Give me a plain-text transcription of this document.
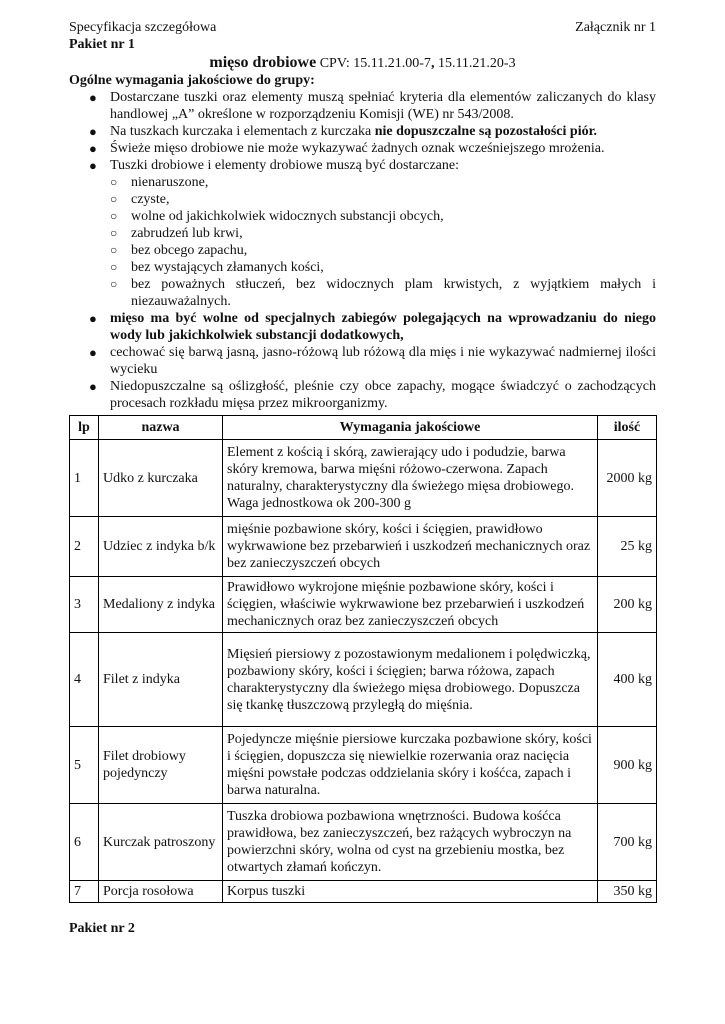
Specyfikacja szczegółowa	Załącznik nr 1
Pakiet nr 1
mięso drobiowe CPV: 15.11.21.00-7, 15.11.21.20-3
Ogólne wymagania jakościowe do grupy:
● Dostarczane tuszki oraz elementy muszą spełniać kryteria dla elementów zaliczanych do klasy handlowej „A” określone w rozporządzeniu Komisji (WE) nr 543/2008.
● Na tuszkach kurczaka i elementach z kurczaka nie dopuszczalne są pozostałości piór.
● Świeże mięso drobiowe nie może wykazywać żadnych oznak wcześniejszego mrożenia.
● Tuszki drobiowe i elementy drobiowe muszą być dostarczane:
○ nienaruszone,
○ czyste,
○ wolne od jakichkolwiek widocznych substancji obcych,
○ zabrudzeń lub krwi,
○ bez obcego zapachu,
○ bez wystających złamanych kości,
○ bez poważnych stłuczeń, bez widocznych plam krwistych, z wyjątkiem małych i niezauważalnych.
● mięso ma być wolne od specjalnych zabiegów polegających na wprowadzaniu do niego wody lub jakichkolwiek substancji dodatkowych,
● cechować się barwą jasną, jasno-różową lub różową dla mięs i nie wykazywać nadmiernej ilości wycieku
● Niedopuszczalne są oślizgłość, pleśnie czy obce zapachy, mogące świadczyć o zachodzących procesach rozkładu mięsa przez mikroorganizmy.
lp	nazwa	Wymagania jakościowe	ilość
1	Udko z kurczaka	Element z kością i skórą, zawierający udo i podudzie, barwa skóry kremowa, barwa mięśni różowo-czerwona. Zapach naturalny, charakterystyczny dla świeżego mięsa drobiowego. Waga jednostkowa ok 200-300 g	2000 kg
2	Udziec z indyka b/k	mięśnie pozbawione skóry, kości i ścięgien, prawidłowo wykrwawione bez przebarwień i uszkodzeń mechanicznych oraz bez zanieczyszczeń obcych	25 kg
3	Medaliony z indyka	Prawidłowo wykrojone mięśnie pozbawione skóry, kości i ścięgien, właściwie wykrwawione bez przebarwień i uszkodzeń mechanicznych oraz bez zanieczyszczeń obcych	200 kg
4	Filet z indyka	Mięsień piersiowy z pozostawionym medalionem i polędwiczką, pozbawiony skóry, kości i ścięgien; barwa różowa, zapach charakterystyczny dla świeżego mięsa drobiowego. Dopuszcza się tkankę tłuszczową przyległą do mięśnia.	400 kg
5	Filet drobiowy pojedynczy	Pojedyncze mięśnie piersiowe kurczaka pozbawione skóry, kości i ścięgien, dopuszcza się niewielkie rozerwania oraz nacięcia mięśni powstałe podczas oddzielania skóry i kośćca, zapach i barwa naturalna.	900 kg
6	Kurczak patroszony	Tuszka drobiowa pozbawiona wnętrzności. Budowa kośćca prawidłowa, bez zanieczyszczeń, bez rażących wybroczyn na powierzchni skóry, wolna od cyst na grzebieniu mostka, bez otwartych złamań kończyn.	700 kg
7	Porcja rosołowa	Korpus tuszki	350 kg
Pakiet nr 2
